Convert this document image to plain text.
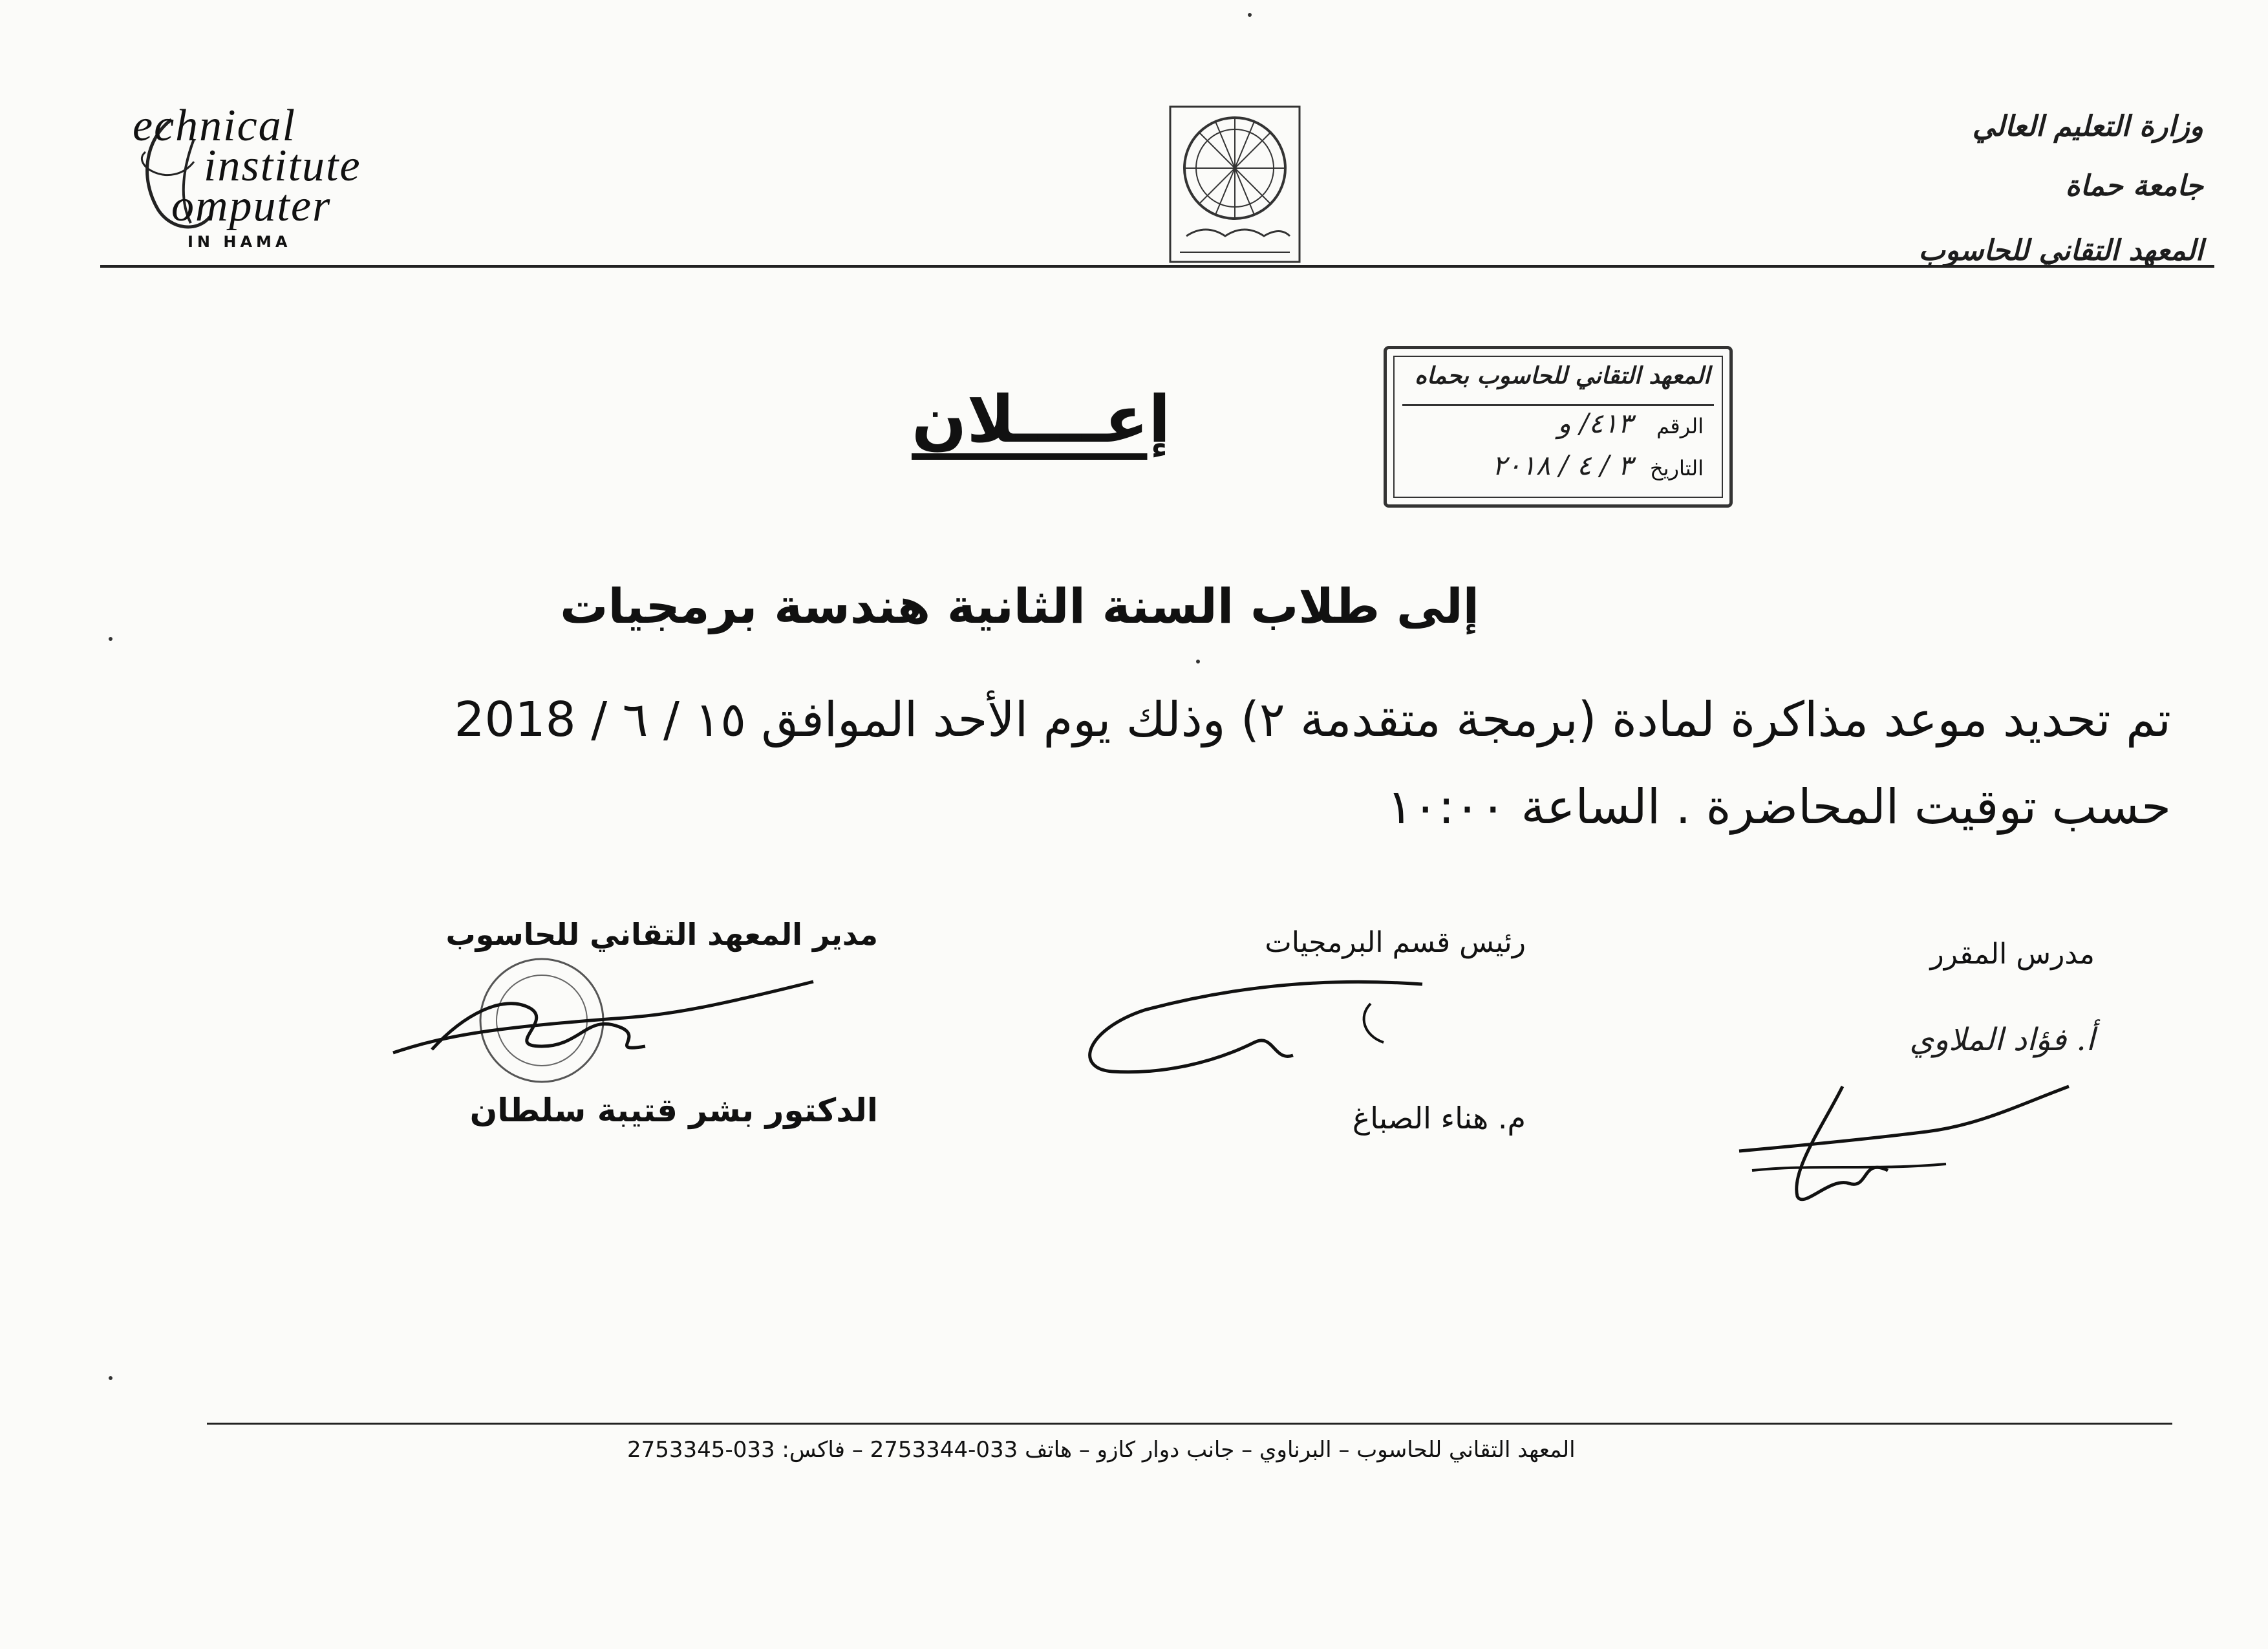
وزارة التعليم العالي
جامعة حماة
المعهد التقاني للحاسوب
echnical
institute
omputer
IN HAMA
المعهد التقاني للحاسوب بحماه
الرقم
٤١٣/ و
التاريخ
٣ / ٤ / ٢٠١٨
إعــــلان
إلى طلاب السنة الثانية هندسة برمجيات
تم تحديد موعد مذاكرة لمادة (برمجة متقدمة ٢) وذلك يوم الأحد الموافق ١٥ / ٦ / 2018
حسب توقيت المحاضرة . الساعة ١٠:٠٠
مدير المعهد التقاني للحاسوب
الدكتور بشر قتيبة سلطان
رئيس قسم البرمجيات
م. هناء الصباغ
مدرس المقرر
أ. فؤاد الملاوي
المعهد التقاني للحاسوب – البرناوي – جانب دوار كازو – هاتف 033-2753344 – فاكس: 033-2753345
